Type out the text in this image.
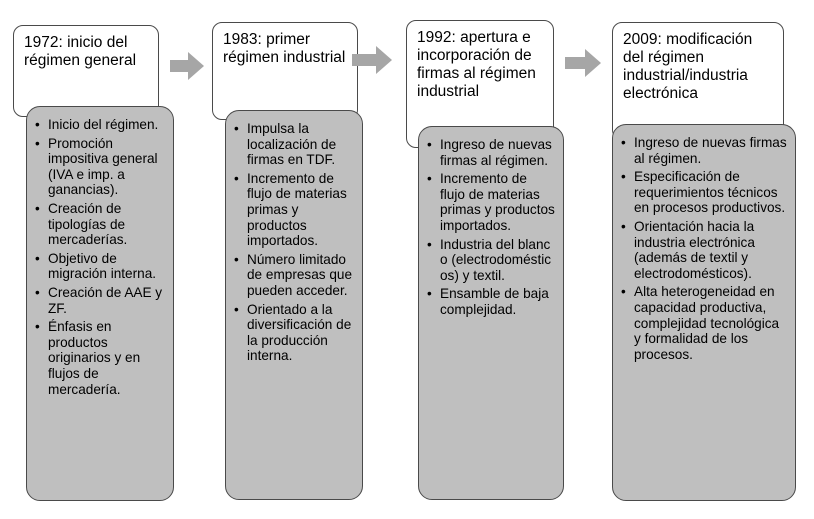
1972: inicio del régimen general
• Inicio del régimen.
• Promoción impositiva general (IVA e imp. a ganancias).
• Creación de tipologías de mercaderías.
• Objetivo de migración interna.
• Creación de AAE y ZF.
• Énfasis en productos originarios y en flujos de mercadería.
1983: primer régimen industrial
• Impulsa la localización de firmas en TDF.
• Incremento de flujo de materias primas y productos importados.
• Número limitado de empresas que pueden acceder.
• Orientado a la diversificación de la producción interna.
1992: apertura e incorporación de firmas al régimen industrial
• Ingreso de nuevas firmas al régimen.
• Incremento de flujo de materias primas y productos importados.
• Industria del blanco (electrodomésticos) y textil.
• Ensamble de baja complejidad.
2009: modificación del régimen industrial/industria electrónica
• Ingreso de nuevas firmas al régimen.
• Especificación de requerimientos técnicos en procesos productivos.
• Orientación hacia la industria electrónica (además de textil y electrodomésticos).
• Alta heterogeneidad en capacidad productiva, complejidad tecnológica y formalidad de los procesos.
